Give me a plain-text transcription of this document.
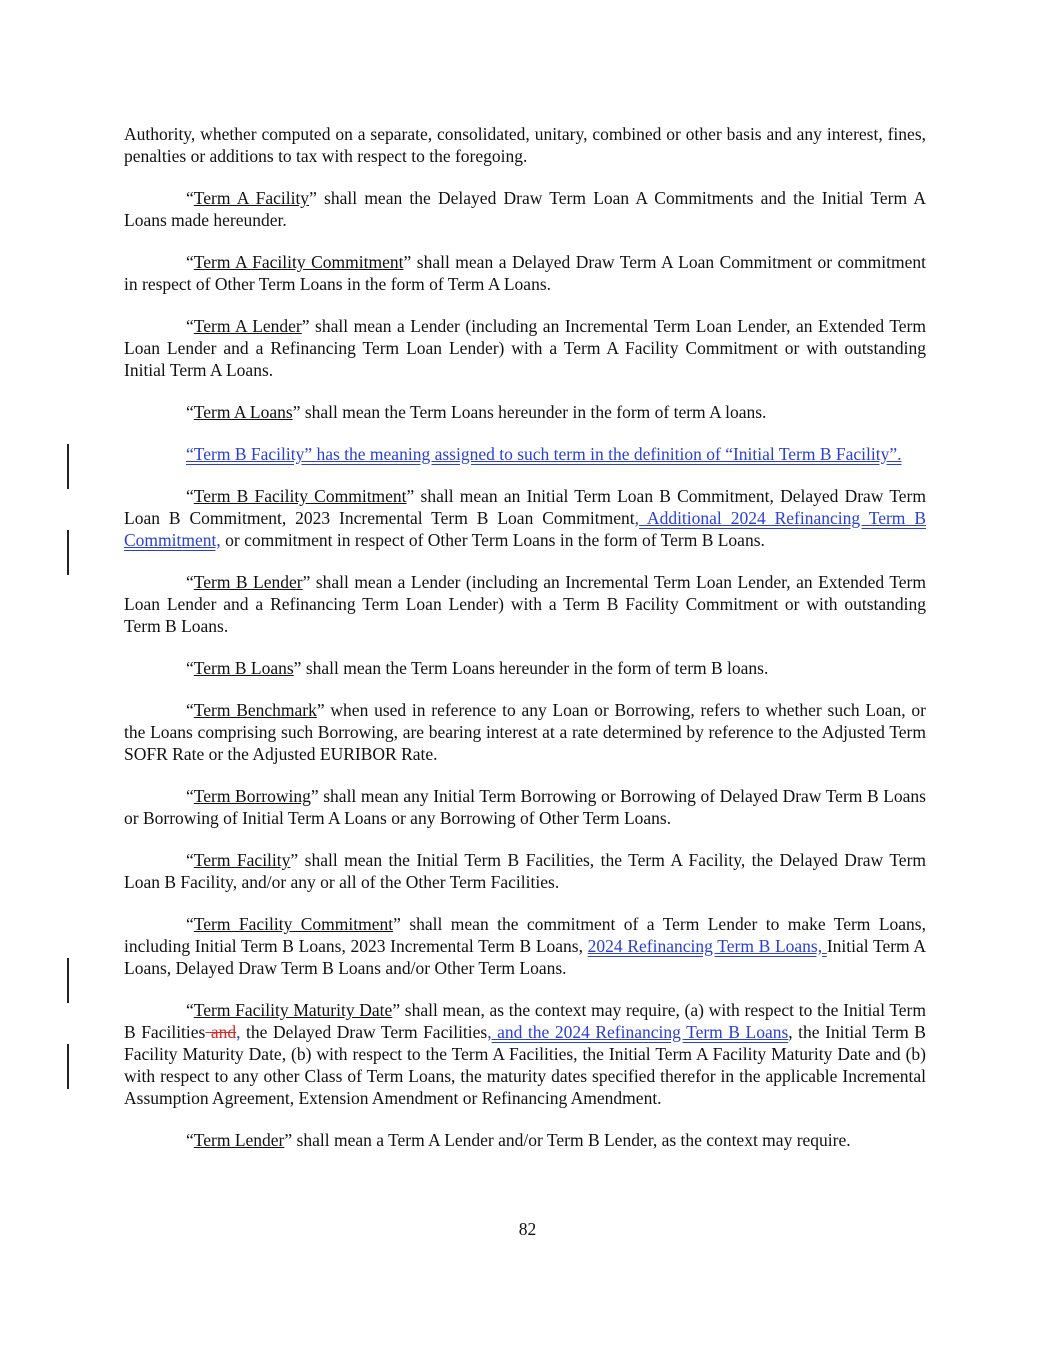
Authority, whether computed on a separate, consolidated, unitary, combined or other basis and any interest, fines, penalties or additions to tax with respect to the foregoing.

“Term A Facility” shall mean the Delayed Draw Term Loan A Commitments and the Initial Term A Loans made hereunder.

“Term A Facility Commitment” shall mean a Delayed Draw Term A Loan Commitment or commitment in respect of Other Term Loans in the form of Term A Loans.

“Term A Lender” shall mean a Lender (including an Incremental Term Loan Lender, an Extended Term Loan Lender and a Refinancing Term Loan Lender) with a Term A Facility Commitment or with outstanding Initial Term A Loans.

“Term A Loans” shall mean the Term Loans hereunder in the form of term A loans.

“Term B Facility” has the meaning assigned to such term in the definition of “Initial Term B Facility”.

“Term B Facility Commitment” shall mean an Initial Term Loan B Commitment, Delayed Draw Term Loan B Commitment, 2023 Incremental Term B Loan Commitment, Additional 2024 Refinancing Term B Commitment, or commitment in respect of Other Term Loans in the form of Term B Loans.

“Term B Lender” shall mean a Lender (including an Incremental Term Loan Lender, an Extended Term Loan Lender and a Refinancing Term Loan Lender) with a Term B Facility Commitment or with outstanding Term B Loans.

“Term B Loans” shall mean the Term Loans hereunder in the form of term B loans.

“Term Benchmark” when used in reference to any Loan or Borrowing, refers to whether such Loan, or the Loans comprising such Borrowing, are bearing interest at a rate determined by reference to the Adjusted Term SOFR Rate or the Adjusted EURIBOR Rate.

“Term Borrowing” shall mean any Initial Term Borrowing or Borrowing of Delayed Draw Term B Loans or Borrowing of Initial Term A Loans or any Borrowing of Other Term Loans.

“Term Facility” shall mean the Initial Term B Facilities, the Term A Facility, the Delayed Draw Term Loan B Facility, and/or any or all of the Other Term Facilities.

“Term Facility Commitment” shall mean the commitment of a Term Lender to make Term Loans, including Initial Term B Loans, 2023 Incremental Term B Loans, 2024 Refinancing Term B Loans, Initial Term A Loans, Delayed Draw Term B Loans and/or Other Term Loans.

“Term Facility Maturity Date” shall mean, as the context may require, (a) with respect to the Initial Term B Facilities and, the Delayed Draw Term Facilities, and the 2024 Refinancing Term B Loans, the Initial Term B Facility Maturity Date, (b) with respect to the Term A Facilities, the Initial Term A Facility Maturity Date and (b) with respect to any other Class of Term Loans, the maturity dates specified therefor in the applicable Incremental Assumption Agreement, Extension Amendment or Refinancing Amendment.

“Term Lender” shall mean a Term A Lender and/or Term B Lender, as the context may require.

82
